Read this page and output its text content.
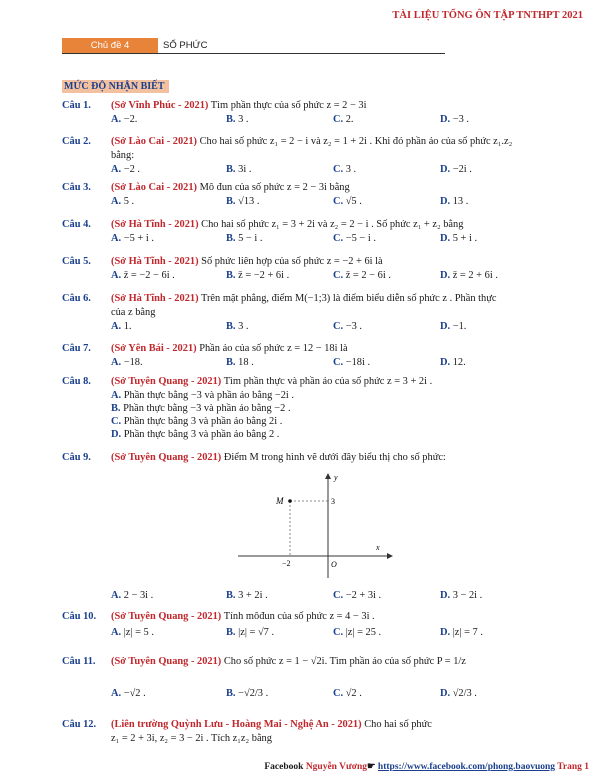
TÀI LIỆU TỔNG ÔN TẬP TNTHPT 2021
Chủ đề 4	SỐ PHỨC
MỨC ĐỘ NHẬN BIẾT
Câu 1. (Sở Vĩnh Phúc - 2021) Tìm phần thực của số phức z = 2 − 3i
A. −2.	B. 3 .	C. 2.	D. −3 .
Câu 2. (Sở Lào Cai - 2021) Cho hai số phức z₁ = 2 − i và z₂ = 1 + 2i . Khi đó phần ảo của số phức z₁.z₂
bằng:
A. −2 .	B. 3i .	C. 3 .	D. −2i .
Câu 3. (Sở Lào Cai - 2021) Mô đun của số phức z = 2 − 3i bằng
A. 5 .	B. √13 .	C. √5 .	D. 13 .
Câu 4. (Sở Hà Tĩnh - 2021) Cho hai số phức z₁ = 3 + 2i và z₂ = 2 − i . Số phức z₁ + z₂ bằng
A. −5 + i .	B. 5 − i .	C. −5 − i .	D. 5 + i .
Câu 5. (Sở Hà Tĩnh - 2021) Số phức liên hợp của số phức z = −2 + 6i là
A. z̄ = −2 − 6i .	B. z̄ = −2 + 6i .	C. z̄ = 2 − 6i .	D. z̄ = 2 + 6i .
Câu 6. (Sở Hà Tĩnh - 2021) Trên mặt phẳng, điểm M(−1;3) là điểm biểu diễn số phức z . Phần thực
của z bằng
A. 1.	B. 3 .	C. −3 .	D. −1.
Câu 7. (Sở Yên Bái - 2021) Phần ảo của số phức z = 12 − 18i là
A. −18.	B. 18 .	C. −18i .	D. 12.
Câu 8. (Sở Tuyên Quang - 2021) Tìm phần thực và phần ảo của số phức z = 3 + 2i .
A. Phần thực bằng −3 và phần ảo bằng −2i .
B. Phần thực bằng −3 và phần ảo bằng −2 .
C. Phần thực bằng 3 và phần ảo bằng 2i .
D. Phần thực bằng 3 và phần ảo bằng 2 .
Câu 9. (Sở Tuyên Quang - 2021) Điểm M trong hình vẽ dưới đây biểu thị cho số phức:
M
y
x
O
−2
3
A. 2 − 3i .	B. 3 + 2i .	C. −2 + 3i .	D. 3 − 2i .
Câu 10. (Sở Tuyên Quang - 2021) Tính môđun của số phức z = 4 − 3i .
A. |z| = 5 .	B. |z| = √7 .	C. |z| = 25 .	D. |z| = 7 .
Câu 11. (Sở Tuyên Quang - 2021) Cho số phức z = 1 − √2i. Tìm phần ảo của số phức P = 1/z
A. −√2 .	B. −√2/3 .	C. √2 .	D. √2/3 .
Câu 12. (Liên trường Quỳnh Lưu - Hoàng Mai - Nghệ An - 2021) Cho hai số phức
z₁ = 2 + 3i, z₂ = 3 − 2i . Tích z₁z₂ bằng
Facebook Nguyễn Vương☛ https://www.facebook.com/phong.baovuong Trang 1
